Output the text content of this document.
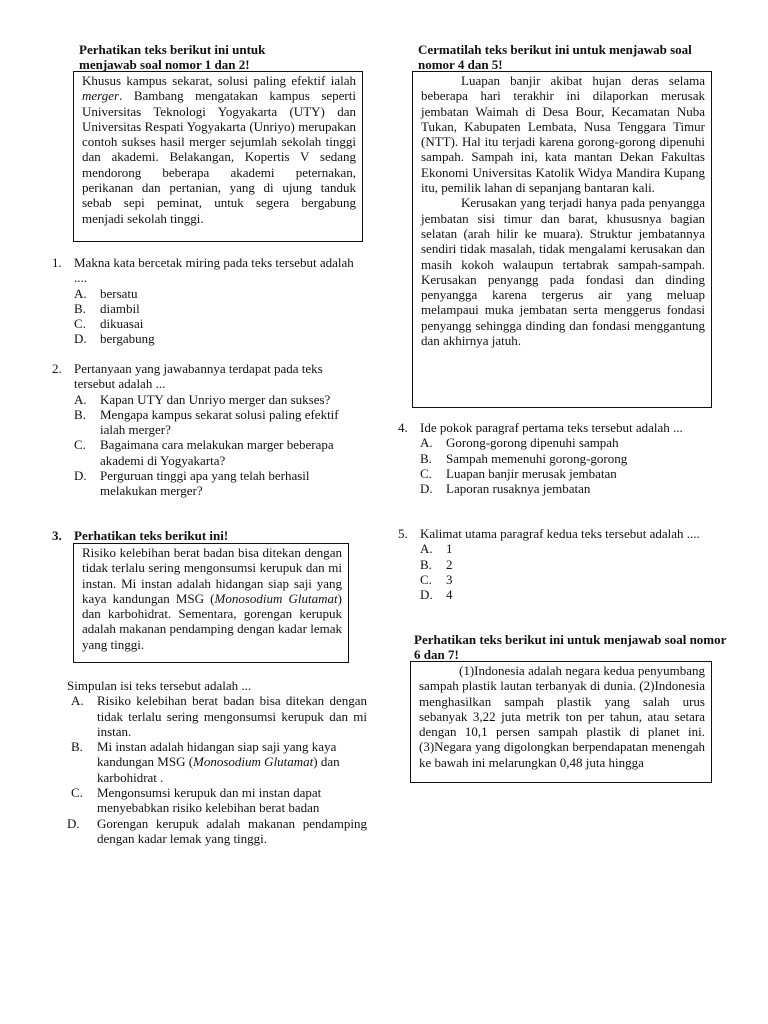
Perhatikan teks berikut ini untuk menjawab soal nomor 1 dan 2!

Khusus kampus sekarat, solusi paling efektif ialah merger. Bambang mengatakan kampus seperti Universitas Teknologi Yogyakarta (UTY) dan Universitas Respati Yogyakarta (Unriyo) merupakan contoh sukses hasil merger sejumlah sekolah tinggi dan akademi. Belakangan, Kopertis V sedang mendorong beberapa akademi peternakan, perikanan dan pertanian, yang di ujung tanduk sebab sepi peminat, untuk segera bergabung menjadi sekolah tinggi.

1. Makna kata bercetak miring pada teks tersebut adalah ....
A. bersatu
B. diambil
C. dikuasai
D. bergabung
2. Pertanyaan yang jawabannya terdapat pada teks tersebut adalah ...
A. Kapan UTY dan Unriyo merger dan sukses?
B. Mengapa kampus sekarat solusi paling efektif ialah merger?
C. Bagaimana cara melakukan marger beberapa akademi di Yogyakarta?
D. Perguruan tinggi apa yang telah berhasil melakukan merger?
3. Perhatikan teks berikut ini!

Risiko kelebihan berat badan bisa ditekan dengan tidak terlalu sering mengonsumsi kerupuk dan mi instan. Mi instan adalah hidangan siap saji yang kaya kandungan MSG (Monosodium Glutamat) dan karbohidrat. Sementara, gorengan kerupuk adalah makanan pendamping dengan kadar lemak yang tinggi.

Simpulan isi teks tersebut adalah ...
A. Risiko kelebihan berat badan bisa ditekan dengan tidak terlalu sering mengonsumsi kerupuk dan mi instan.
B. Mi instan adalah hidangan siap saji yang kaya kandungan MSG (Monosodium Glutamat) dan karbohidrat .
C. Mengonsumsi kerupuk dan mi instan dapat menyebabkan risiko kelebihan berat badan
D. Gorengan kerupuk adalah makanan pendamping dengan kadar lemak yang tinggi.
Cermatilah teks berikut ini untuk menjawab soal nomor 4 dan 5!

Luapan banjir akibat hujan deras selama beberapa hari terakhir ini dilaporkan merusak jembatan Waimah di Desa Bour, Kecamatan Nuba Tukan, Kabupaten Lembata, Nusa Tenggara Timur (NTT). Hal itu terjadi karena gorong-gorong dipenuhi sampah. Sampah ini, kata mantan Dekan Fakultas Ekonomi Universitas Katolik Widya Mandira Kupang itu, pemilik lahan di sepanjang bantaran kali.

Kerusakan yang terjadi hanya pada penyangga jembatan sisi timur dan barat, khususnya bagian selatan (arah hilir ke muara). Struktur jembatannya sendiri tidak masalah, tidak mengalami kerusakan dan masih kokoh walaupun tertabrak sampah-sampah. Kerusakan penyangg pada fondasi dan dinding penyangga karena tergerus air yang meluap melampaui muka jembatan serta menggerus fondasi penyangg sehingga dinding dan fondasi menggantung dan akhirnya jatuh.

4. Ide pokok paragraf pertama teks tersebut adalah ...
A. Gorong-gorong dipenuhi sampah
B. Sampah memenuhi gorong-gorong
C. Luapan banjir merusak jembatan
D. Laporan rusaknya jembatan
5. Kalimat utama paragraf kedua teks tersebut adalah ....
A. 1
B. 2
C. 3
D. 4
Perhatikan teks berikut ini untuk menjawab soal nomor 6 dan 7!

(1)Indonesia adalah negara kedua penyumbang sampah plastik lautan terbanyak di dunia. (2)Indonesia menghasilkan sampah plastik yang salah urus sebanyak 3,22 juta metrik ton per tahun, atau setara dengan 10,1 persen sampah plastik di planet ini. (3)Negara yang digolongkan berpendapatan menengah ke bawah ini melarungkan 0,48 juta hingga
